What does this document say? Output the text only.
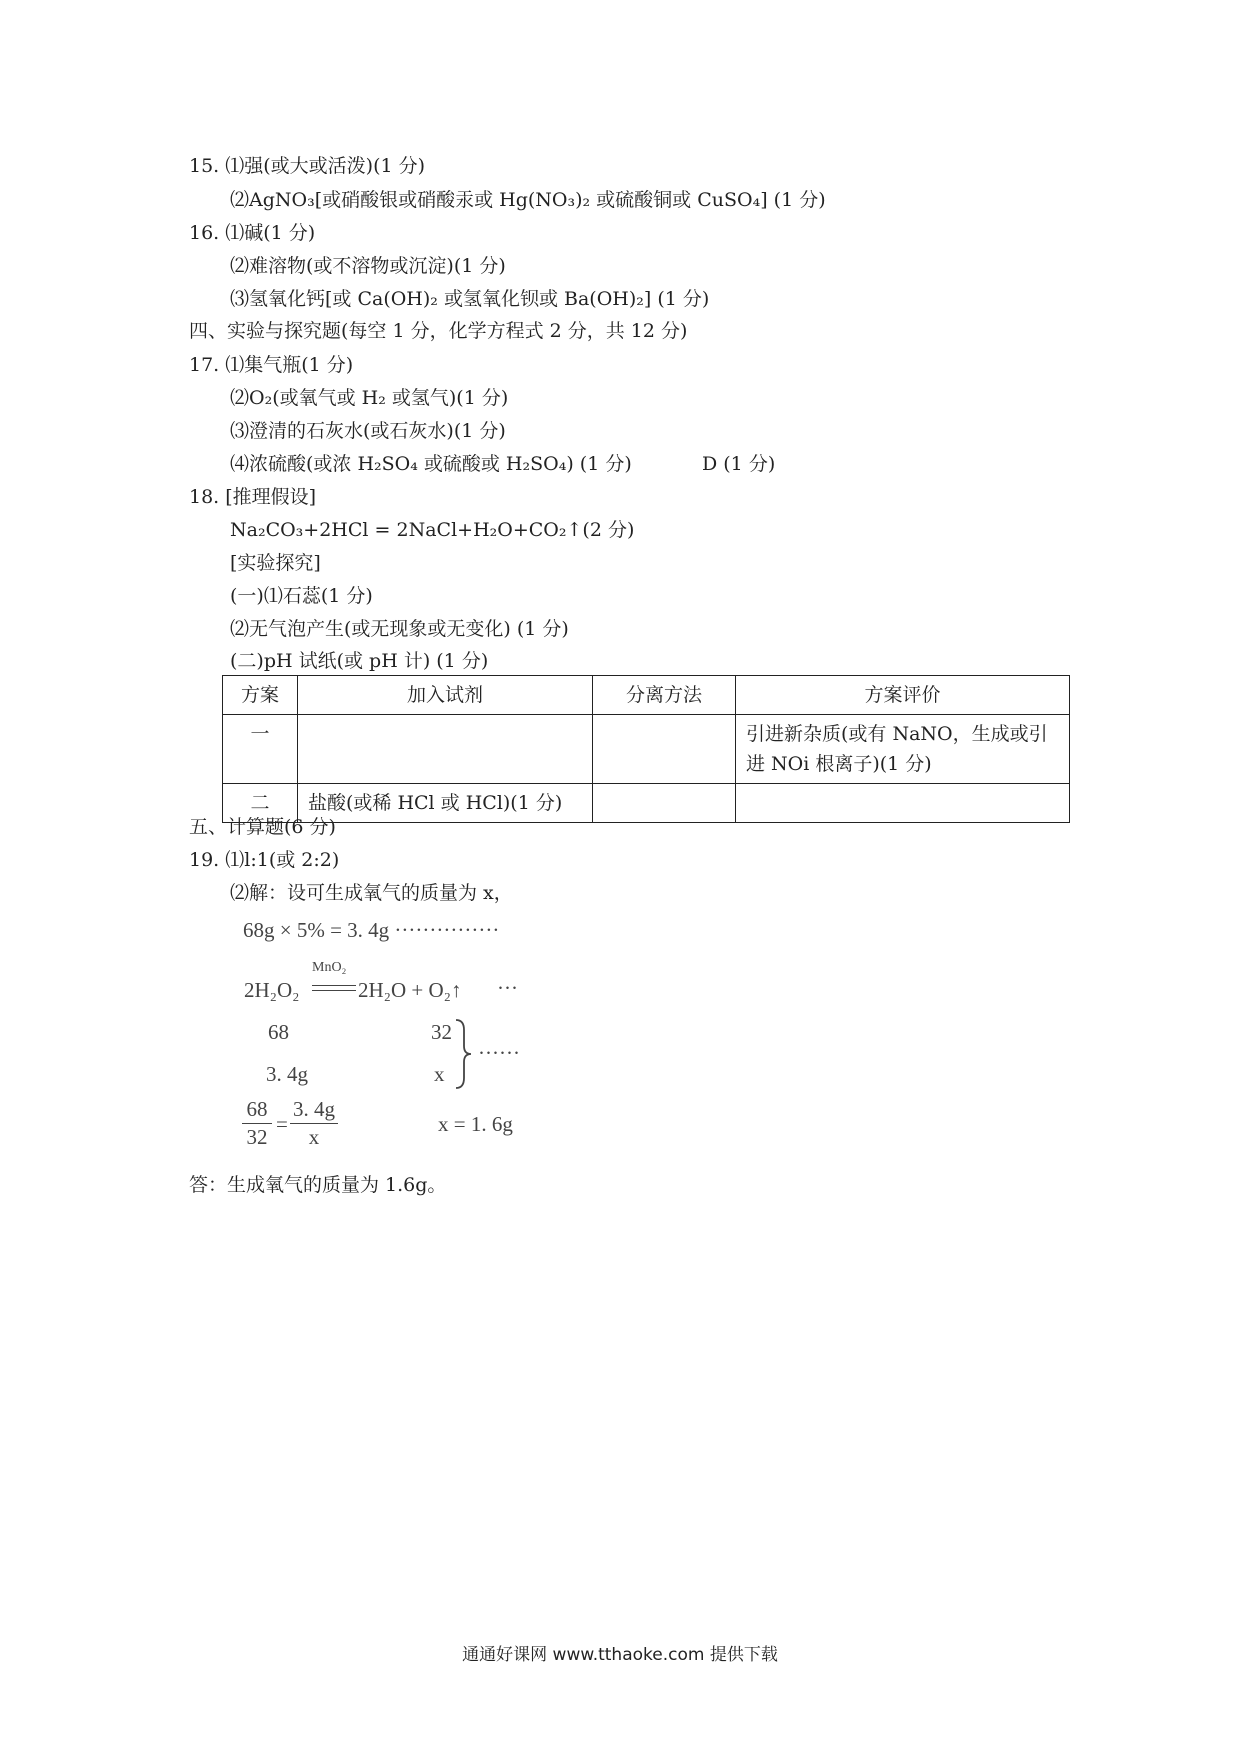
15. ⑴强(或大或活泼)(1 分)
⑵AgNO₃[或硝酸银或硝酸汞或 Hg(NO₃)₂ 或硫酸铜或 CuSO₄] (1 分)
16. ⑴碱(1 分)
⑵难溶物(或不溶物或沉淀)(1 分)
⑶氢氧化钙[或 Ca(OH)₂ 或氢氧化钡或 Ba(OH)₂] (1 分)
四、实验与探究题(每空 1 分，化学方程式 2 分，共 12 分)
17. ⑴集气瓶(1 分)
⑵O₂(或氧气或 H₂ 或氢气)(1 分)
⑶澄清的石灰水(或石灰水)(1 分)
⑷浓硫酸(或浓 H₂SO₄ 或硫酸或 H₂SO₄) (1 分)	D (1 分)
18. [推理假设]
Na₂CO₃+2HCl = 2NaCl+H₂O+CO₂↑(2 分)
[实验探究]
(一)⑴石蕊(1 分)
⑵无气泡产生(或无现象或无变化) (1 分)
(二)pH 试纸(或 pH 计) (1 分)
方案	加入试剂	分离方法	方案评价
一			引进新杂质(或有 NaNO，生成或引进 NOi 根离子)(1 分)
二	盐酸(或稀 HCl 或 HCl)(1 分)		
五、计算题(6 分)
19. ⑴l:1(或 2:2)
⑵解：设可生成氧气的质量为 x，
68g × 5% = 3. 4g ···············
2H₂O₂
MnO₂
2H₂O + O₂↑ ···
68	32
3. 4g	x
······
68
32
=
3. 4g
x
x = 1. 6g
答：生成氧气的质量为 1.6g。
通通好课网 www.tthaoke.com 提供下载
